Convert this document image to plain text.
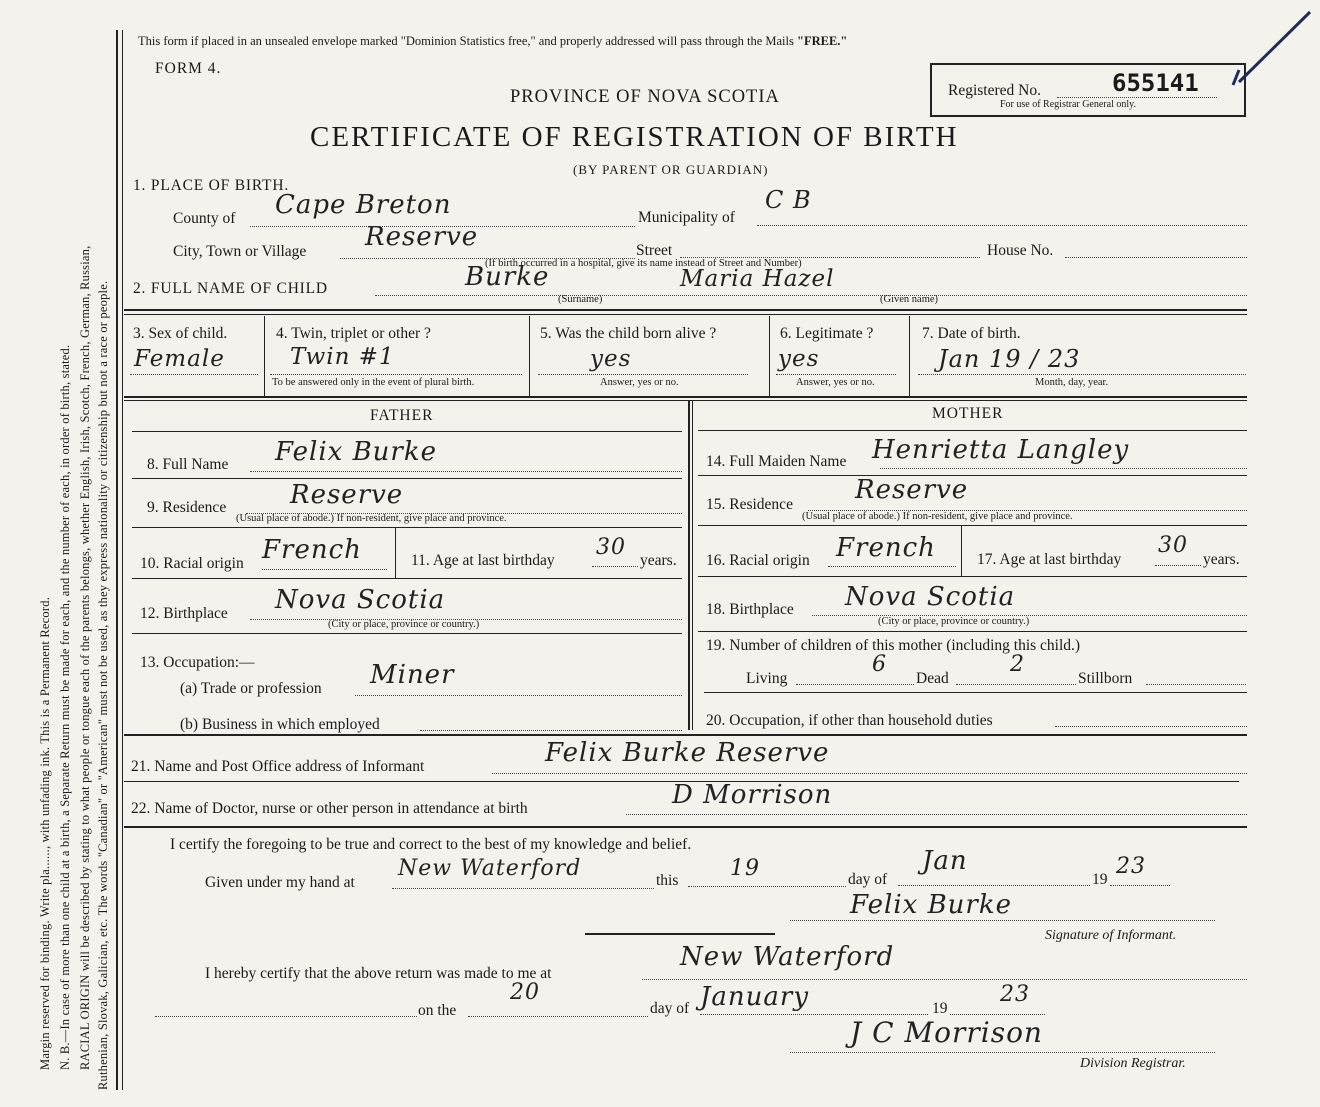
Margin reserved for binding. Write pla......, with unfading ink. This is a Permanent Record. N. B.—In case of more than one child at a birth, a Separate Return must be made for each, and the number of each, in order of birth, stated. RACIAL ORIGIN will be described by stating to what people or tongue each of the parents belongs, whether English, Irish, Scotch, French, German, Russian, Ruthenian, Slovak, Galician, etc. The words "Canadian" or "American" must not be used, as they express nationality or citizenship but not a race or people.
This form if placed in an unsealed envelope marked "Dominion Statistics free," and properly addressed will pass through the Mails "FREE."
FORM 4.
PROVINCE OF NOVA SCOTIA
CERTIFICATE OF REGISTRATION OF BIRTH
(BY PARENT OR GUARDIAN)
Registered No.	655141
For use of Registrar General only.
1. PLACE OF BIRTH.
County of Cape Breton	Municipality of
C B
City, Town or Village Reserve	Street	House No.
(If birth occurred in a hospital, give its name instead of Street and Number)
2. FULL NAME OF CHILD	Burke	Maria Hazel
(Surname)	(Given name)
3. Sex of child.
Female
4. Twin, triplet or other ?
Twin #1
To be answered only in the event of plural birth.
5. Was the child born alive ?
yes
Answer, yes or no.
6. Legitimate ?
yes
Answer, yes or no.
7. Date of birth.
Jan 19 / 23
Month, day, year.
FATHER	MOTHER
8. Full Name Felix Burke
9. Residence Reserve
(Usual place of abode.) If non-resident, give place and province.
10. Racial origin French	11. Age at last birthday
30
years.
12. Birthplace Nova Scotia
(City or place, province or country.)
13. Occupation:—
(a) Trade or profession Miner
(b) Business in which employed
14. Full Maiden Name Henrietta Langley
15. Residence Reserve
(Usual place of abode.) If non-resident, give place and province.
16. Racial origin French	17. Age at last birthday
30
years.
18. Birthplace Nova Scotia
(City or place, province or country.)
19. Number of children of this mother (including this child.)
Living
6
Dead
2
Stillborn
20. Occupation, if other than household duties
21. Name and Post Office address of Informant	Felix Burke Reserve
22. Name of Doctor, nurse or other person in attendance at birth	D Morrison
I certify the foregoing to be true and correct to the best of my knowledge and belief.
Given under my hand at
New Waterford	this 19	day of
Jan
19
23
Felix Burke
Signature of Informant.
I hereby certify that the above return was made to me at
New Waterford
on the
20
day of January	19
23
J C Morrison
Division Registrar.
